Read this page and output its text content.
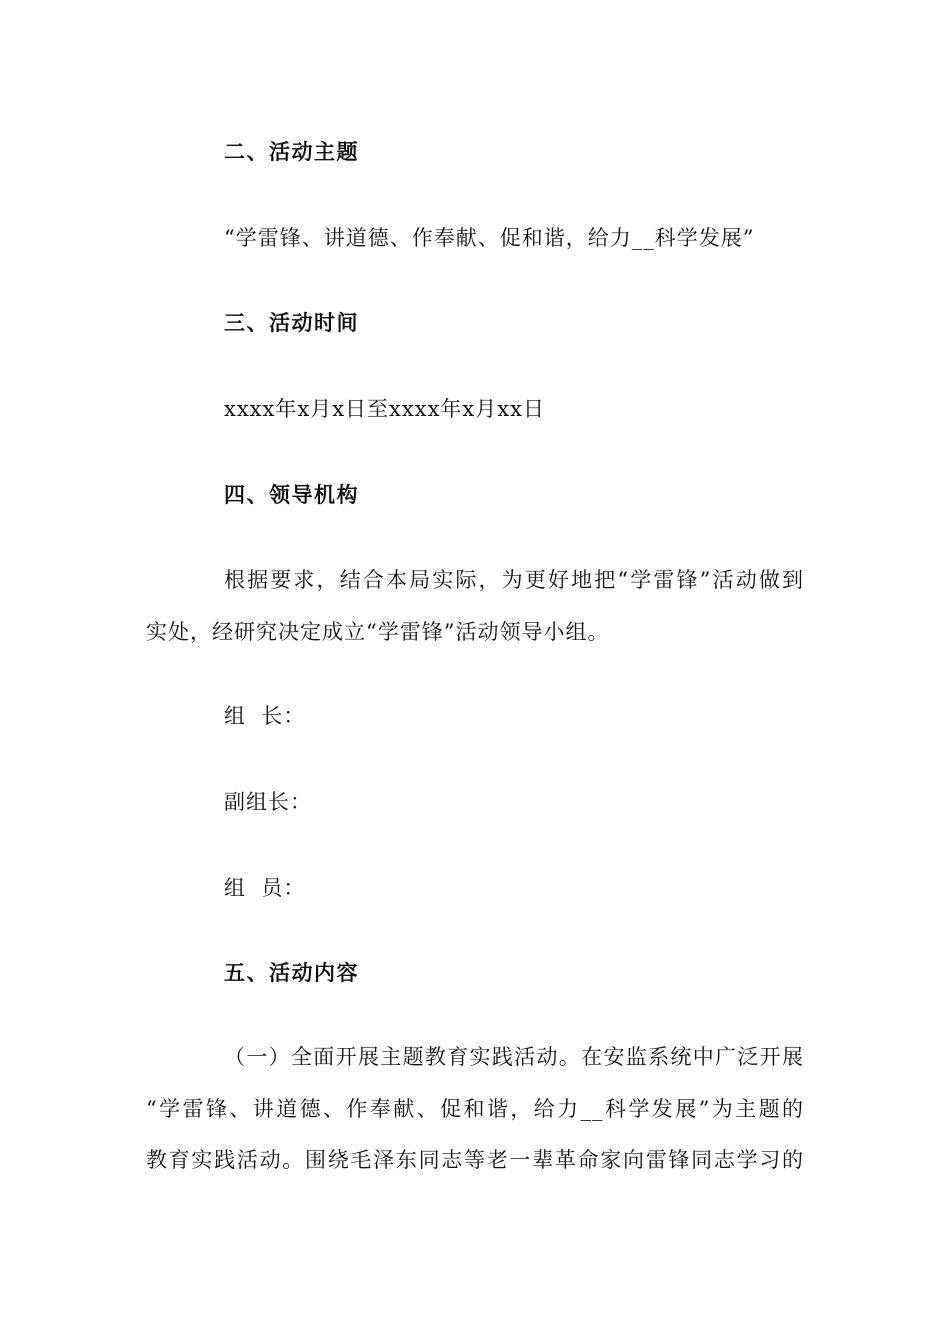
二、活动主题
“学雷锋、讲道德、作奉献、促和谐，给力__科学发展”
三、活动时间
xxxx年x月x日至xxxx年x月xx日
四、领导机构
根据要求，结合本局实际，为更好地把“学雷锋”活动做到
实处，经研究决定成立“学雷锋”活动领导小组。
组  长：
副组长：
组  员：
五、活动内容
（一）全面开展主题教育实践活动。在安监系统中广泛开展
“学雷锋、讲道德、作奉献、促和谐，给力__科学发展”为主题的
教育实践活动。围绕毛泽东同志等老一辈革命家向雷锋同志学习的
